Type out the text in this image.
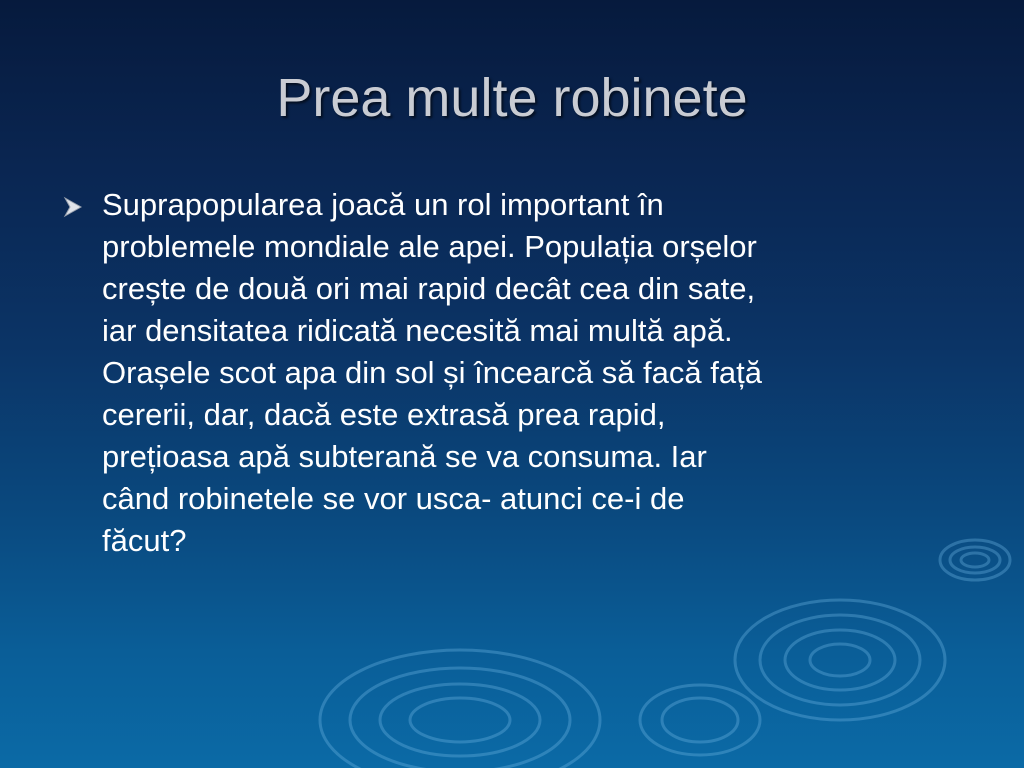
Prea multe robinete
Suprapopularea joacă un rol important în
problemele mondiale ale apei. Populația orșelor
crește de două ori mai rapid decât cea din sate,
iar densitatea ridicată necesită mai multă apă.
Orașele scot apa din sol și încearcă să facă față
cererii, dar, dacă este extrasă prea rapid,
prețioasa apă subterană se va consuma. Iar
când robinetele se vor usca- atunci ce-i de
făcut?
